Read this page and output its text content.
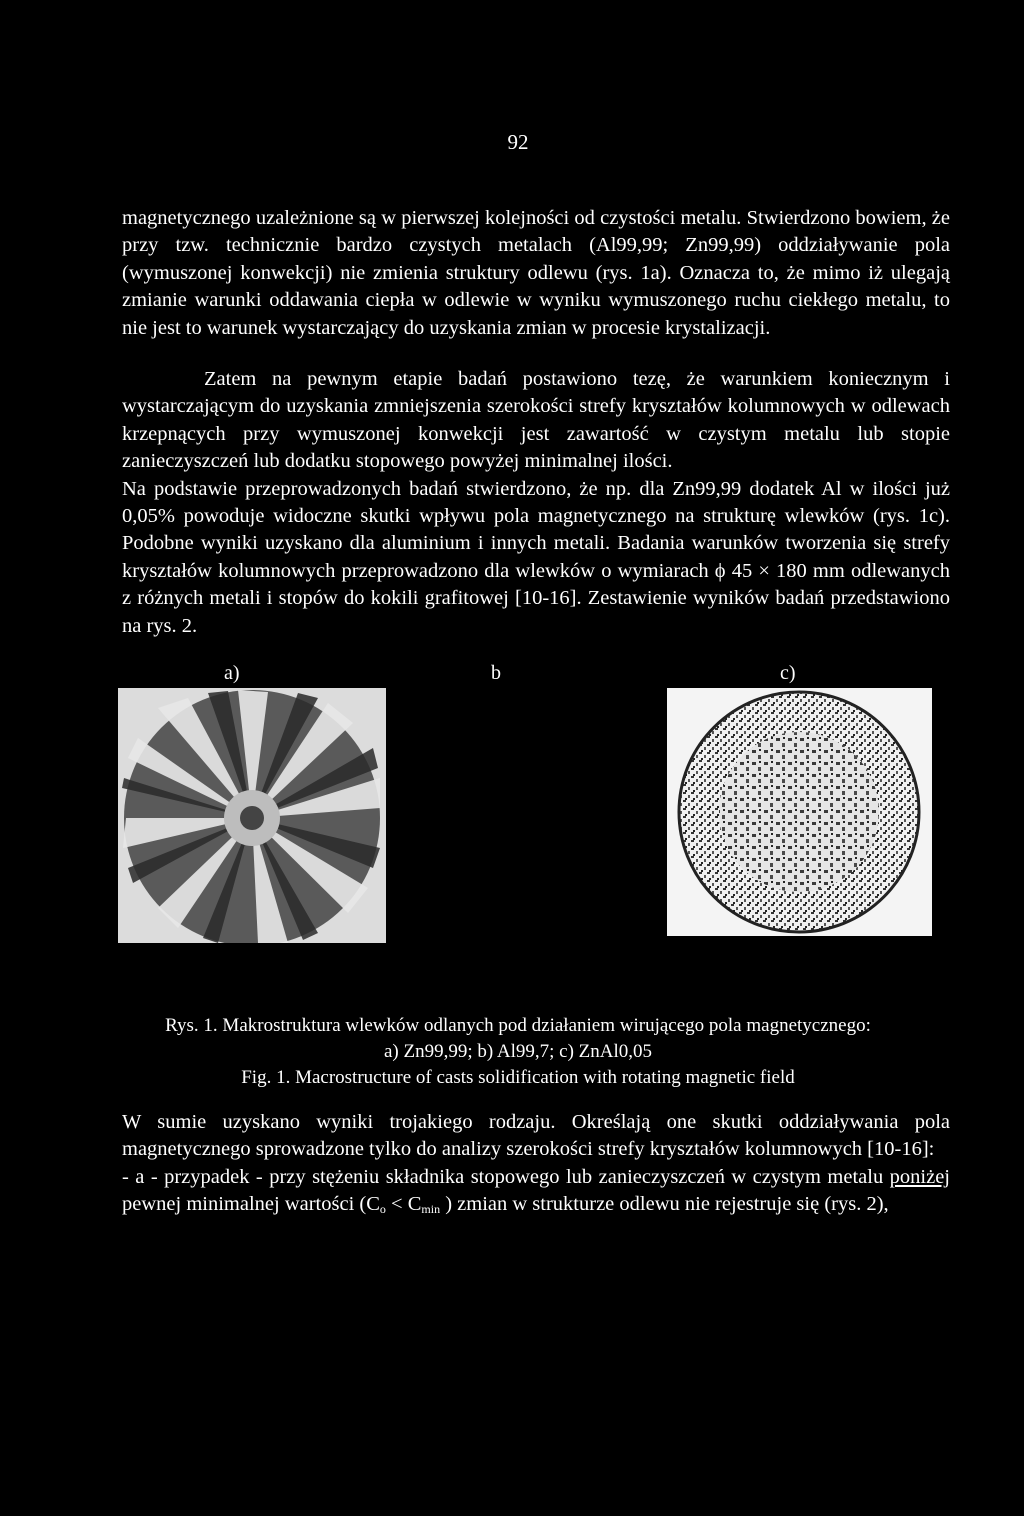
92

magnetycznego uzależnione są w pierwszej kolejności od czystości metalu. Stwierdzono bowiem, że przy tzw. technicznie bardzo czystych metalach (Al99,99; Zn99,99) oddziaływanie pola (wymuszonej konwekcji) nie zmienia struktury odlewu (rys. 1a). Oznacza to, że mimo iż ulegają zmianie warunki oddawania ciepła w odlewie w wyniku wymuszonego ruchu ciekłego metalu, to nie jest to warunek wystarczający do uzyskania zmian w procesie krystalizacji.

Zatem na pewnym etapie badań postawiono tezę, że warunkiem koniecznym i wystarczającym do uzyskania zmniejszenia szerokości strefy kryształów kolumnowych w odlewach krzepnących przy wymuszonej konwekcji jest zawartość w czystym metalu lub stopie zanieczyszczeń lub dodatku stopowego powyżej minimalnej ilości.

Na podstawie przeprowadzonych badań stwierdzono, że np. dla Zn99,99 dodatek Al w ilości już 0,05% powoduje widoczne skutki wpływu pola magnetycznego na strukturę wlewków (rys. 1c). Podobne wyniki uzyskano dla aluminium i innych metali. Badania warunków tworzenia się strefy kryształów kolumnowych przeprowadzono dla wlewków o wymiarach ϕ 45 × 180 mm odlewanych z różnych metali i stopów do kokili grafitowej [10-16]. Zestawienie wyników badań przedstawiono na rys. 2.

a)	b	c)
Rys. 1. Makrostruktura wlewków odlanych pod działaniem wirującego pola magnetycznego:
a) Zn99,99; b) Al99,7; c) ZnAl0,05
Fig. 1. Macrostructure of casts solidification with rotating magnetic field

W sumie uzyskano wyniki trojakiego rodzaju. Określają one skutki oddziaływania pola magnetycznego sprowadzone tylko do analizy szerokości strefy kryształów kolumnowych [10-16]:

- a - przypadek - przy stężeniu składnika stopowego lub zanieczyszczeń w czystym metalu poniżej pewnej minimalnej wartości ($C_o < C_{min}$ ) zmian w strukturze odlewu nie rejestruje się (rys. 2),
